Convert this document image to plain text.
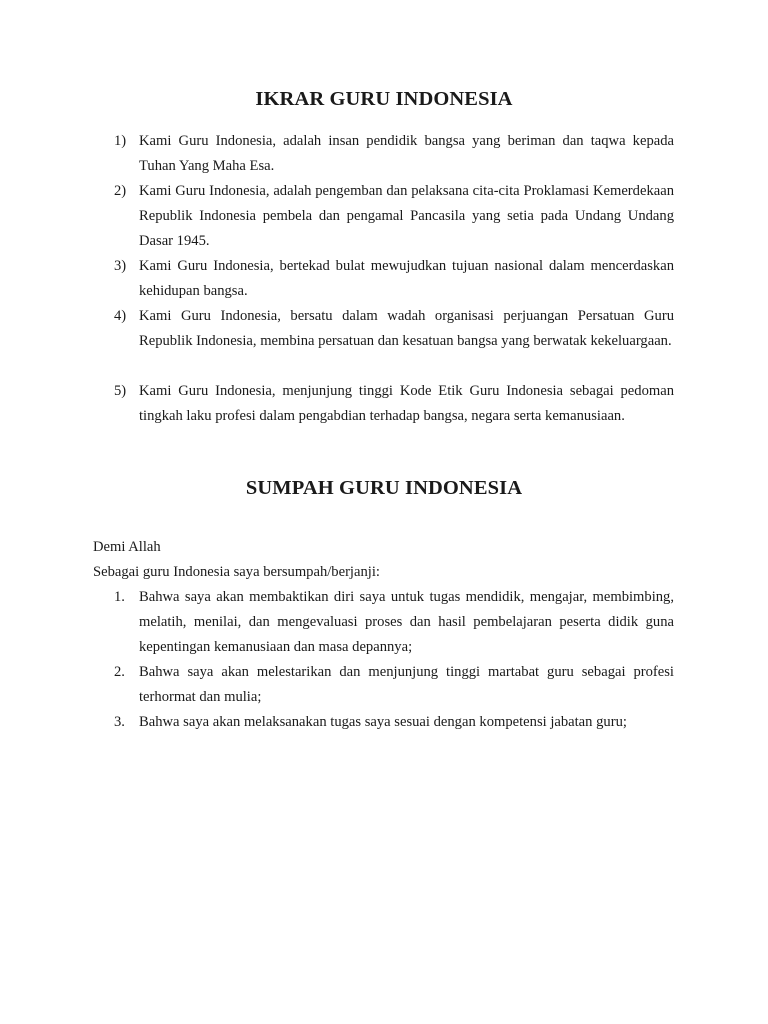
IKRAR GURU INDONESIA
1) Kami Guru Indonesia, adalah insan pendidik bangsa yang beriman dan taqwa kepada Tuhan Yang Maha Esa.
2) Kami Guru Indonesia, adalah pengemban dan pelaksana cita-cita Proklamasi Kemerdekaan Republik Indonesia pembela dan pengamal Pancasila yang setia pada Undang Undang Dasar 1945.
3) Kami Guru Indonesia, bertekad bulat mewujudkan tujuan nasional dalam mencerdaskan kehidupan bangsa.
4) Kami Guru Indonesia, bersatu dalam wadah organisasi perjuangan Persatuan Guru Republik Indonesia, membina persatuan dan kesatuan bangsa yang berwatak kekeluargaan.
5) Kami Guru Indonesia, menjunjung tinggi Kode Etik Guru Indonesia sebagai pedoman tingkah laku profesi dalam pengabdian terhadap bangsa, negara serta kemanusiaan.
SUMPAH GURU INDONESIA
Demi Allah
Sebagai guru Indonesia saya bersumpah/berjanji:
1. Bahwa saya akan membaktikan diri saya untuk tugas mendidik, mengajar, membimbing, melatih, menilai, dan mengevaluasi proses dan hasil pembelajaran peserta didik guna kepentingan kemanusiaan dan masa depannya;
2. Bahwa saya akan melestarikan dan menjunjung tinggi martabat guru sebagai profesi terhormat dan mulia;
3. Bahwa saya akan melaksanakan tugas saya sesuai dengan kompetensi jabatan guru;
